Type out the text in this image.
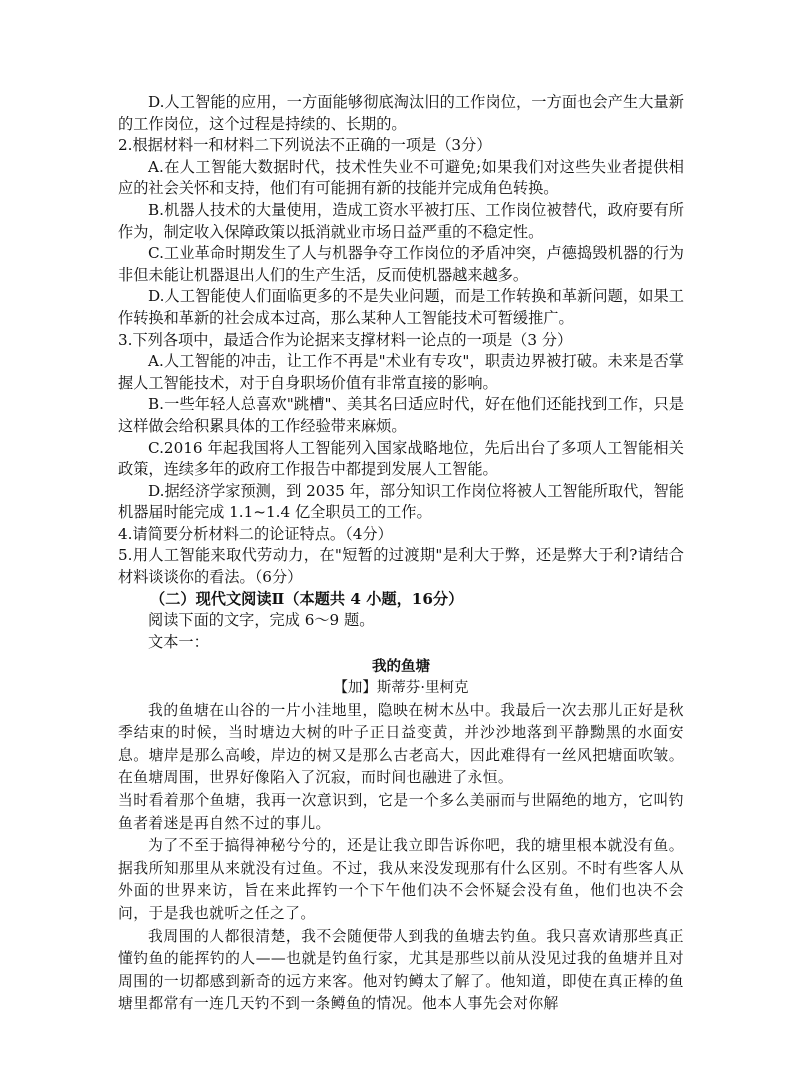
D.人工智能的应用，一方面能够彻底淘汰旧的工作岗位，一方面也会产生大量新的工作岗位，这个过程是持续的、长期的。

2.根据材料一和材料二下列说法不正确的一项是（3分）

A.在人工智能大数据时代，技术性失业不可避免;如果我们对这些失业者提供相应的社会关怀和支持，他们有可能拥有新的技能并完成角色转换。

B.机器人技术的大量使用，造成工资水平被打压、工作岗位被替代，政府要有所作为，制定收入保障政策以抵消就业市场日益严重的不稳定性。

C.工业革命时期发生了人与机器争夺工作岗位的矛盾冲突，卢德捣毁机器的行为非但未能让机器退出人们的生产生活，反而使机器越来越多。

D.人工智能使人们面临更多的不是失业问题，而是工作转换和革新问题，如果工作转换和革新的社会成本过高，那么某种人工智能技术可暂缓推广。

3.下列各项中，最适合作为论据来支撑材料一论点的一项是（3 分）

A.人工智能的冲击，让工作不再是"术业有专攻"，职责边界被打破。未来是否掌握人工智能技术，对于自身职场价值有非常直接的影响。

B.一些年轻人总喜欢"跳槽"、美其名曰适应时代，好在他们还能找到工作，只是这样做会给积累具体的工作经验带来麻烦。

C.2016 年起我国将人工智能列入国家战略地位，先后出台了多项人工智能相关政策，连续多年的政府工作报告中都提到发展人工智能。

D.据经济学家预测，到 2035 年，部分知识工作岗位将被人工智能所取代，智能机器届时能完成 1.1~1.4 亿全职员工的工作。

4.请简要分析材料二的论证特点。（4分）

5.用人工智能来取代劳动力，在"短暂的过渡期"是利大于弊，还是弊大于利?请结合材料谈谈你的看法。（6分）

（二）现代文阅读Ⅱ（本题共 4 小题，16分）

阅读下面的文字，完成 6～9 题。

文本一：

我的鱼塘

【加】斯蒂芬·里柯克

我的鱼塘在山谷的一片小洼地里，隐映在树木丛中。我最后一次去那儿正好是秋季结束的时候，当时塘边大树的叶子正日益变黄，并沙沙地落到平静黝黑的水面安息。塘岸是那么高峻，岸边的树又是那么古老高大，因此难得有一丝风把塘面吹皱。在鱼塘周围，世界好像陷入了沉寂，而时间也融进了永恒。

当时看着那个鱼塘，我再一次意识到，它是一个多么美丽而与世隔绝的地方，它叫钓鱼者着迷是再自然不过的事儿。

为了不至于搞得神秘兮兮的，还是让我立即告诉你吧，我的塘里根本就没有鱼。据我所知那里从来就没有过鱼。不过，我从来没发现那有什么区别。不时有些客人从外面的世界来访，旨在来此挥钓一个下午他们决不会怀疑会没有鱼，他们也决不会问，于是我也就听之任之了。

我周围的人都很清楚，我不会随便带人到我的鱼塘去钓鱼。我只喜欢请那些真正懂钓鱼的能挥钓的人——也就是钓鱼行家，尤其是那些以前从没见过我的鱼塘并且对周围的一切都感到新奇的远方来客。他对钓鳟太了解了。他知道，即使在真正棒的鱼塘里都常有一连几天钓不到一条鳟鱼的情况。他本人事先会对你解
